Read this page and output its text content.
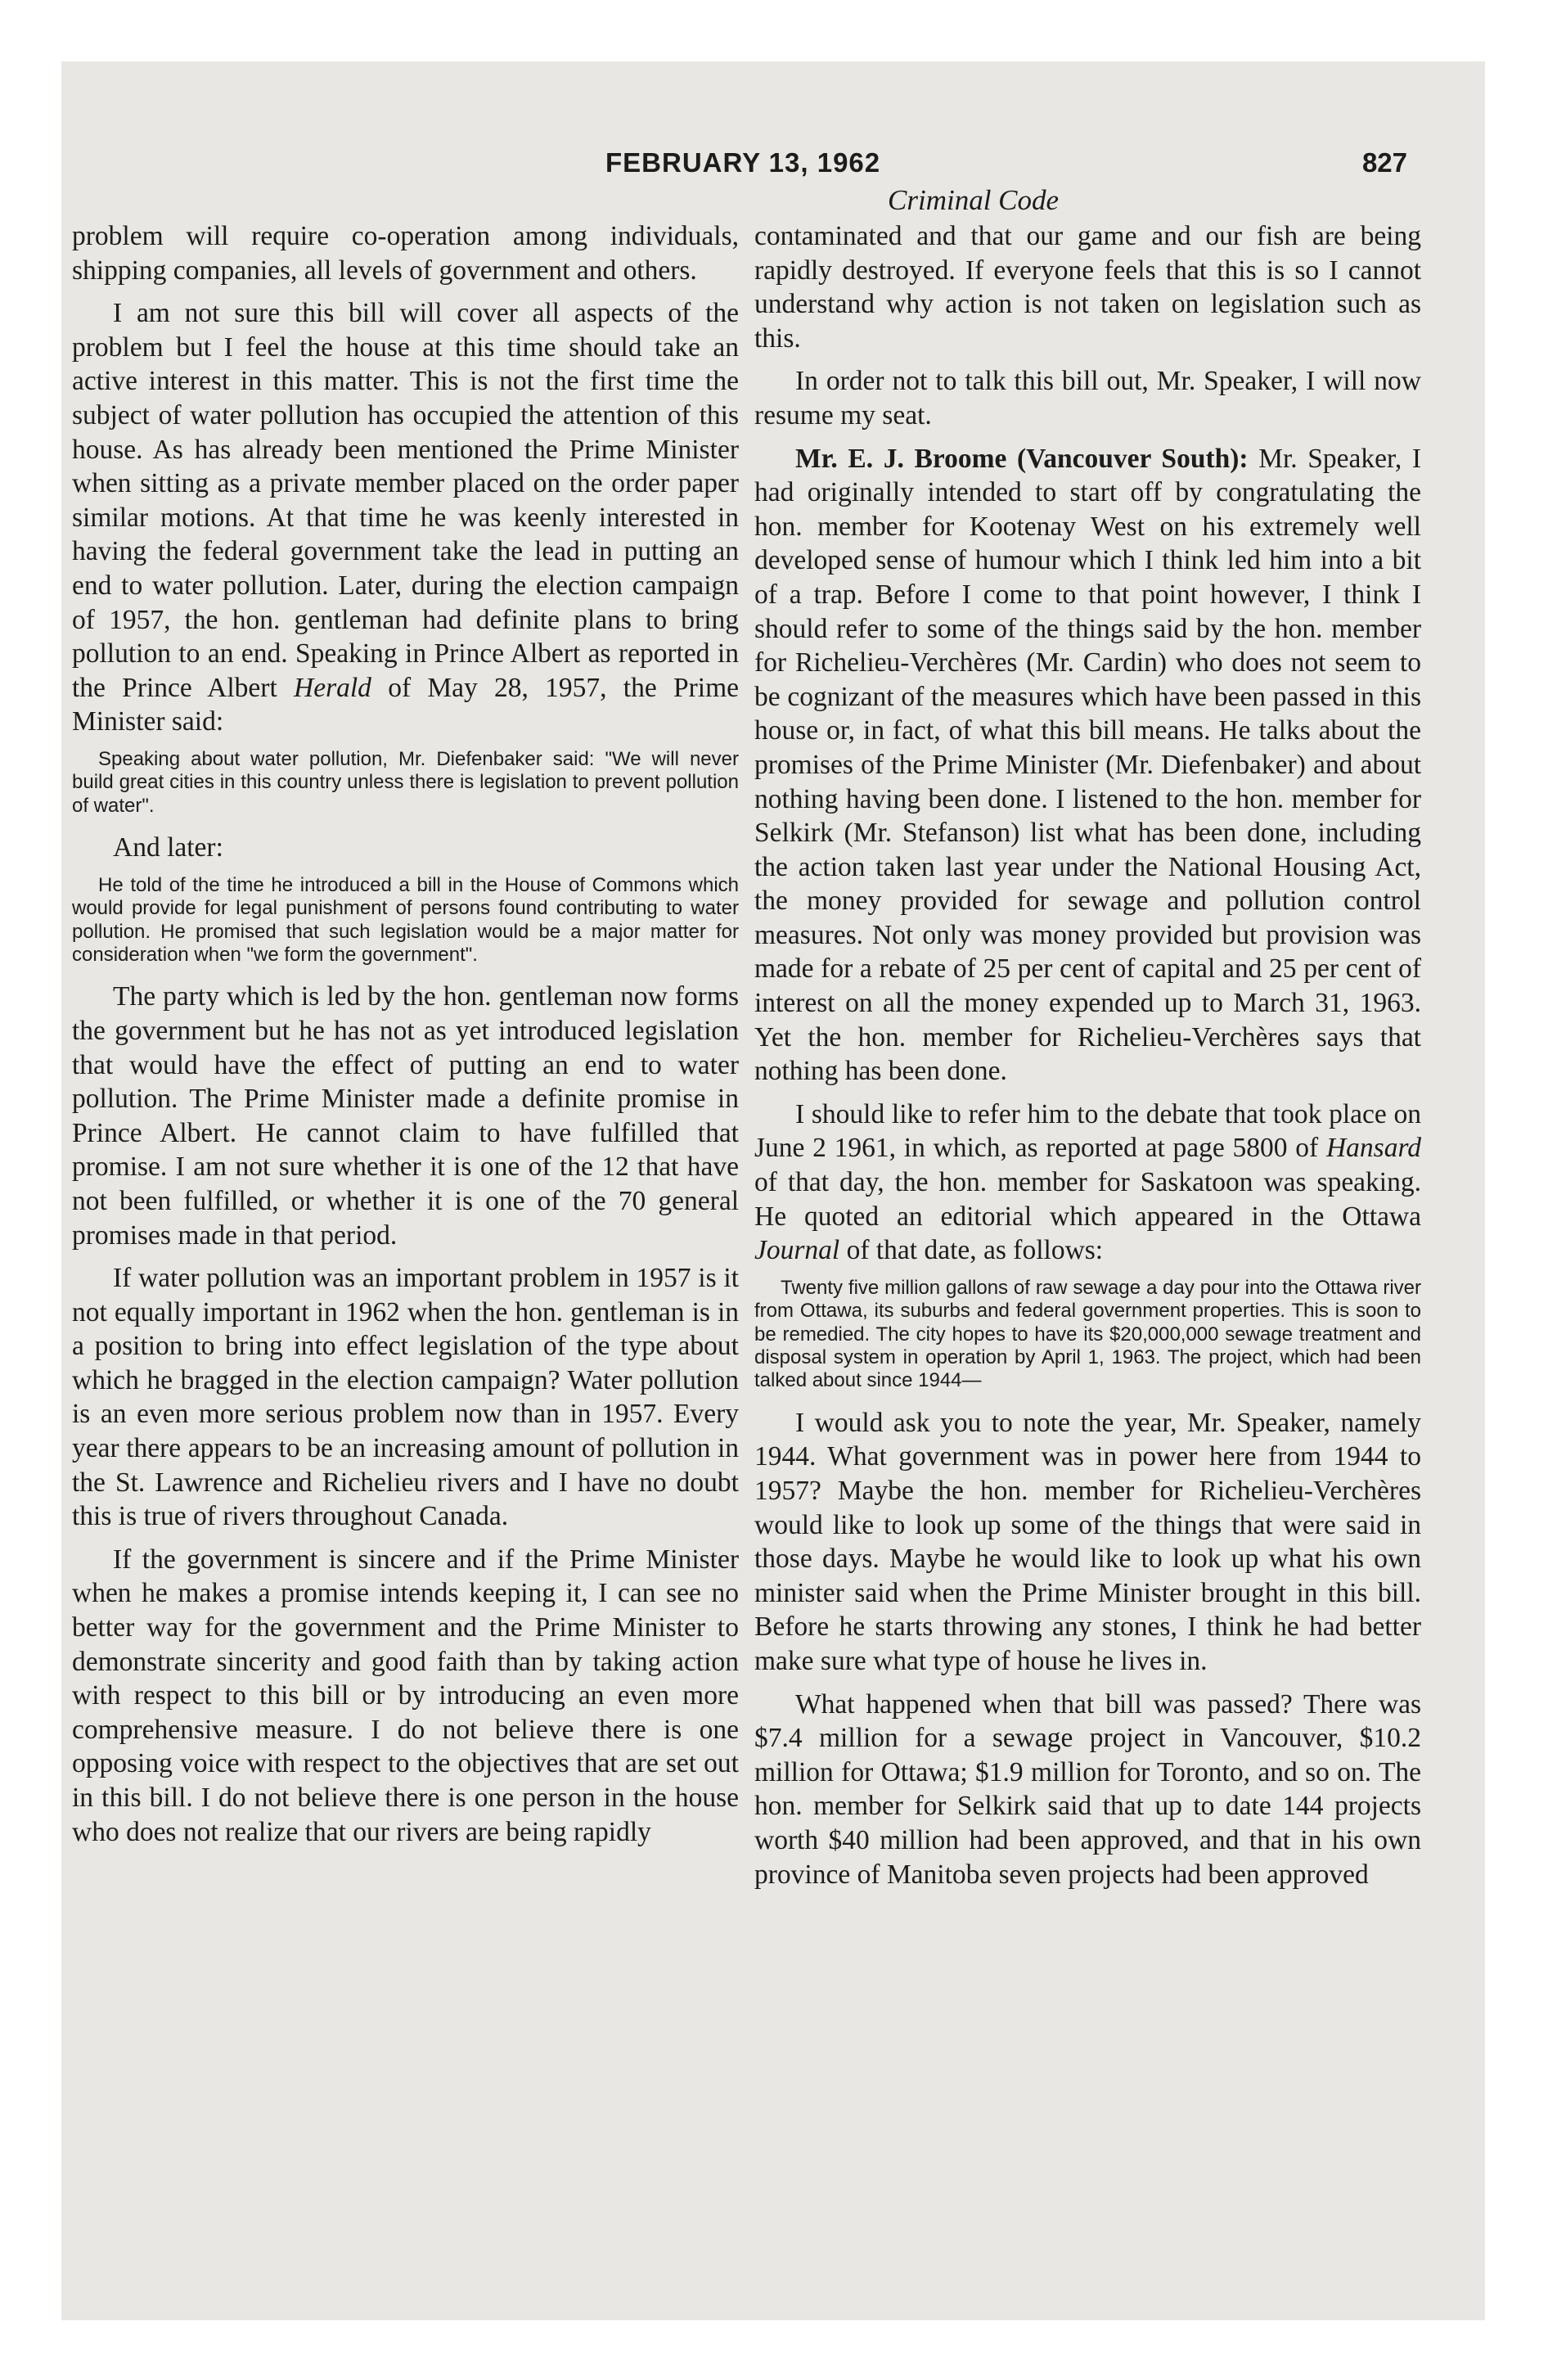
FEBRUARY 13, 1962	827
Criminal Code

problem will require co-operation among individuals, shipping companies, all levels of government and others.

I am not sure this bill will cover all aspects of the problem but I feel the house at this time should take an active interest in this matter. This is not the first time the subject of water pollution has occupied the attention of this house. As has already been mentioned the Prime Minister when sitting as a private member placed on the order paper similar motions. At that time he was keenly interested in having the federal government take the lead in putting an end to water pollution. Later, during the election campaign of 1957, the hon. gentleman had definite plans to bring pollution to an end. Speaking in Prince Albert as reported in the Prince Albert Herald of May 28, 1957, the Prime Minister said:

Speaking about water pollution, Mr. Diefenbaker said: "We will never build great cities in this country unless there is legislation to prevent pollution of water".

And later:

He told of the time he introduced a bill in the House of Commons which would provide for legal punishment of persons found contributing to water pollution. He promised that such legislation would be a major matter for consideration when "we form the government".

The party which is led by the hon. gentleman now forms the government but he has not as yet introduced legislation that would have the effect of putting an end to water pollution. The Prime Minister made a definite promise in Prince Albert. He cannot claim to have fulfilled that promise. I am not sure whether it is one of the 12 that have not been fulfilled, or whether it is one of the 70 general promises made in that period.

If water pollution was an important problem in 1957 is it not equally important in 1962 when the hon. gentleman is in a position to bring into effect legislation of the type about which he bragged in the election campaign? Water pollution is an even more serious problem now than in 1957. Every year there appears to be an increasing amount of pollution in the St. Lawrence and Richelieu rivers and I have no doubt this is true of rivers throughout Canada.

If the government is sincere and if the Prime Minister when he makes a promise intends keeping it, I can see no better way for the government and the Prime Minister to demonstrate sincerity and good faith than by taking action with respect to this bill or by introducing an even more comprehensive measure. I do not believe there is one opposing voice with respect to the objectives that are set out in this bill. I do not believe there is one person in the house who does not realize that our rivers are being rapidly

contaminated and that our game and our fish are being rapidly destroyed. If everyone feels that this is so I cannot understand why action is not taken on legislation such as this.

In order not to talk this bill out, Mr. Speaker, I will now resume my seat.

Mr. E. J. Broome (Vancouver South): Mr. Speaker, I had originally intended to start off by congratulating the hon. member for Kootenay West on his extremely well developed sense of humour which I think led him into a bit of a trap. Before I come to that point however, I think I should refer to some of the things said by the hon. member for Richelieu-Verchères (Mr. Cardin) who does not seem to be cognizant of the measures which have been passed in this house or, in fact, of what this bill means. He talks about the promises of the Prime Minister (Mr. Diefenbaker) and about nothing having been done. I listened to the hon. member for Selkirk (Mr. Stefanson) list what has been done, including the action taken last year under the National Housing Act, the money provided for sewage and pollution control measures. Not only was money provided but provision was made for a rebate of 25 per cent of capital and 25 per cent of interest on all the money expended up to March 31, 1963. Yet the hon. member for Richelieu-Verchères says that nothing has been done.

I should like to refer him to the debate that took place on June 2 1961, in which, as reported at page 5800 of Hansard of that day, the hon. member for Saskatoon was speaking. He quoted an editorial which appeared in the Ottawa Journal of that date, as follows:

Twenty five million gallons of raw sewage a day pour into the Ottawa river from Ottawa, its suburbs and federal government properties. This is soon to be remedied. The city hopes to have its $20,000,000 sewage treatment and disposal system in operation by April 1, 1963. The project, which had been talked about since 1944—

I would ask you to note the year, Mr. Speaker, namely 1944. What government was in power here from 1944 to 1957? Maybe the hon. member for Richelieu-Verchères would like to look up some of the things that were said in those days. Maybe he would like to look up what his own minister said when the Prime Minister brought in this bill. Before he starts throwing any stones, I think he had better make sure what type of house he lives in.

What happened when that bill was passed? There was $7.4 million for a sewage project in Vancouver, $10.2 million for Ottawa; $1.9 million for Toronto, and so on. The hon. member for Selkirk said that up to date 144 projects worth $40 million had been approved, and that in his own province of Manitoba seven projects had been approved
